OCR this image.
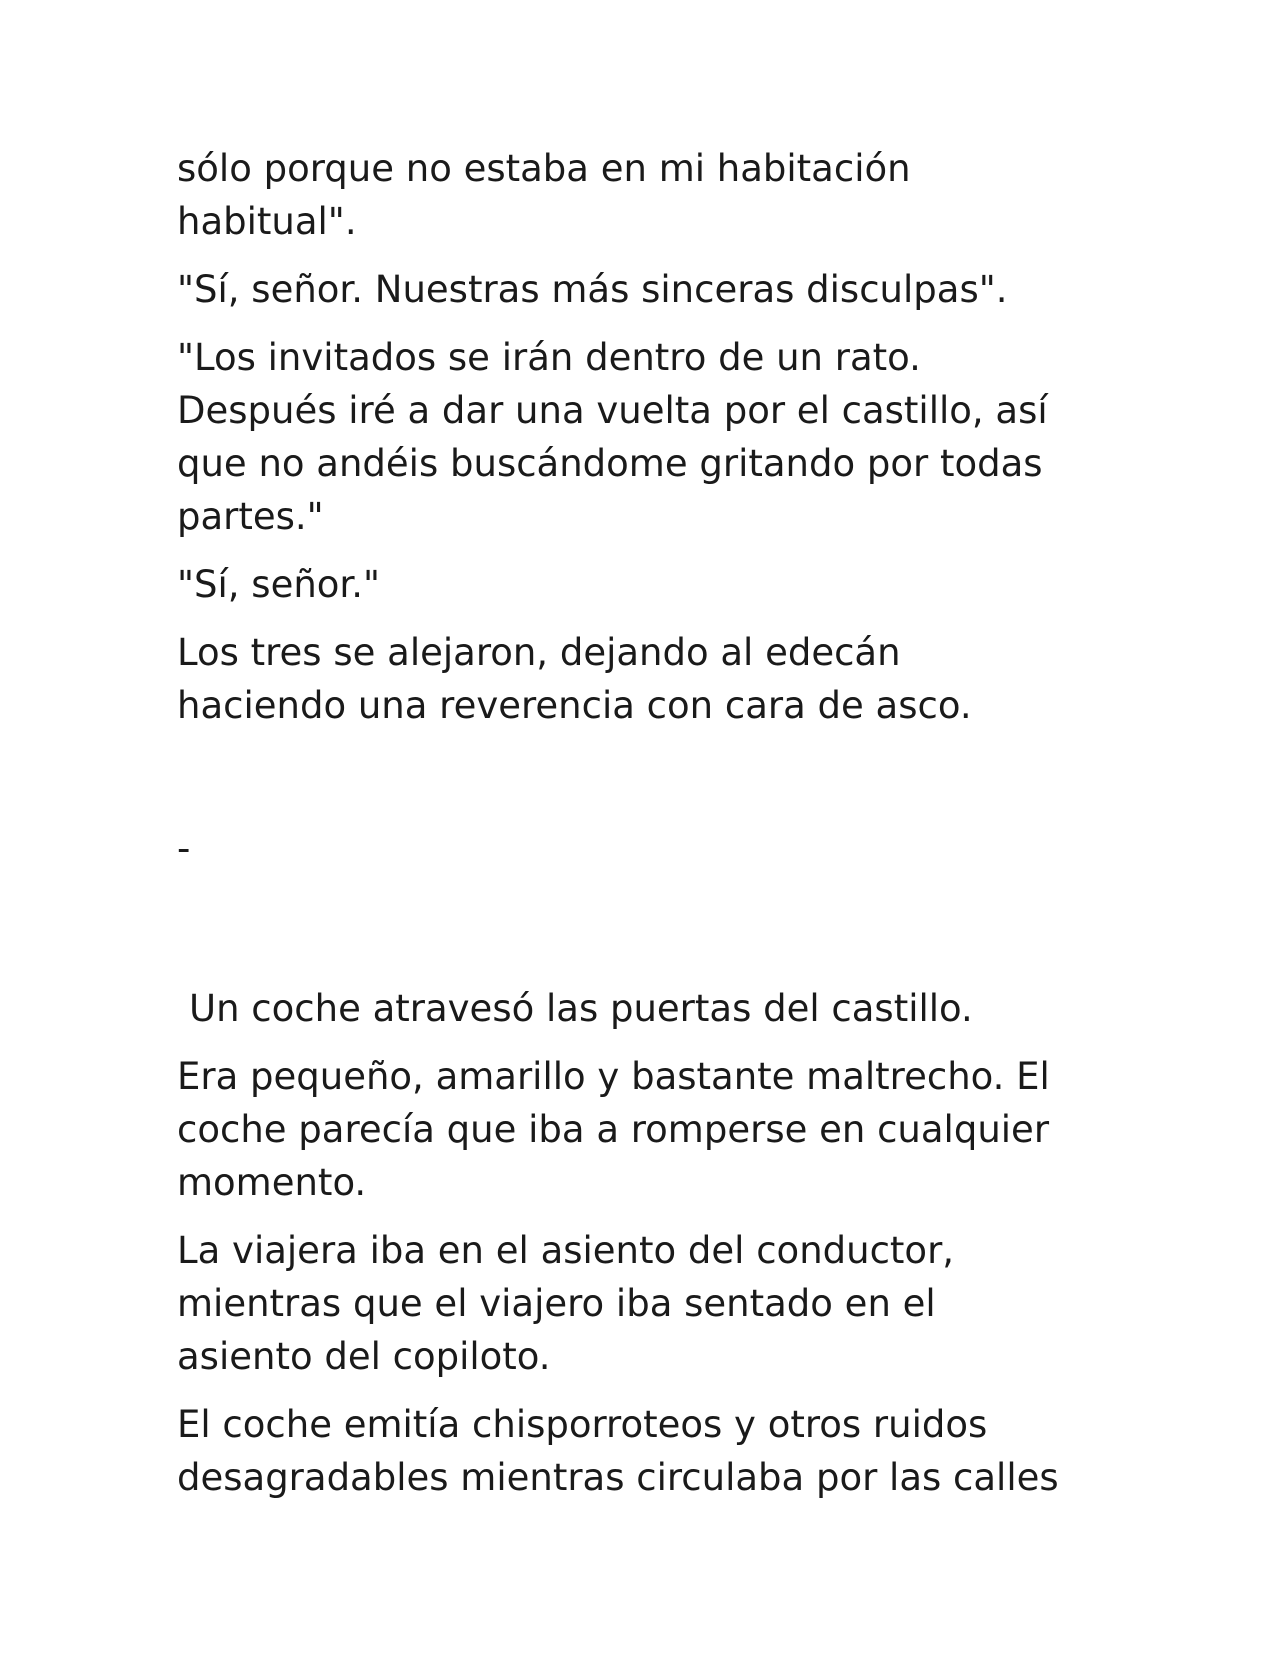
sólo porque no estaba en mi habitación
habitual".

"Sí, señor. Nuestras más sinceras disculpas".

"Los invitados se irán dentro de un rato.
Después iré a dar una vuelta por el castillo, así
que no andéis buscándome gritando por todas
partes."

"Sí, señor."

Los tres se alejaron, dejando al edecán
haciendo una reverencia con cara de asco.

-

Un coche atravesó las puertas del castillo.

Era pequeño, amarillo y bastante maltrecho. El
coche parecía que iba a romperse en cualquier
momento.

La viajera iba en el asiento del conductor,
mientras que el viajero iba sentado en el
asiento del copiloto.

El coche emitía chisporroteos y otros ruidos
desagradables mientras circulaba por las calles
